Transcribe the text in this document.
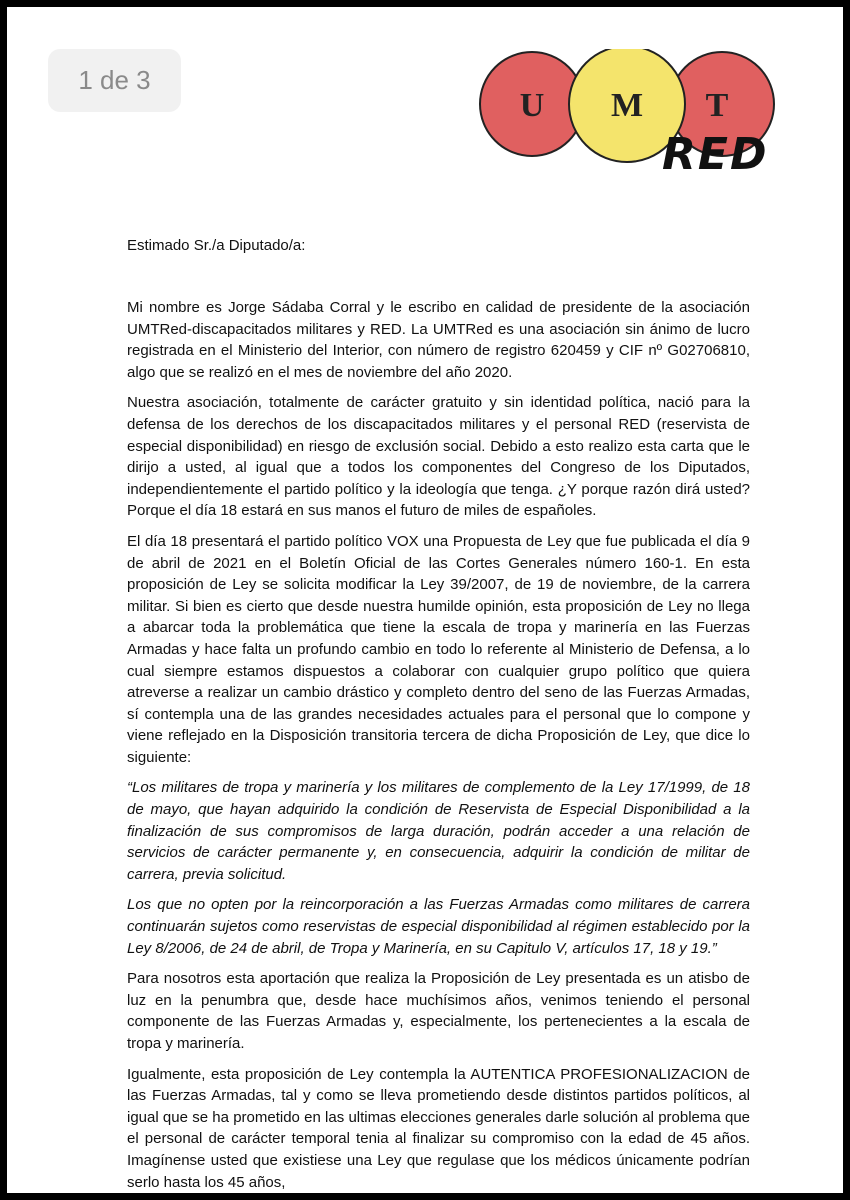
1 de 3
U M T
RED
Estimado Sr./a Diputado/a:

Mi nombre es Jorge Sádaba Corral y le escribo en calidad de presidente de la asociación UMTRed-discapacitados militares y RED. La UMTRed es una asociación sin ánimo de lucro registrada en el Ministerio del Interior, con número de registro 620459 y CIF nº G02706810, algo que se realizó en el mes de noviembre del año 2020.

Nuestra asociación, totalmente de carácter gratuito y sin identidad política, nació para la defensa de los derechos de los discapacitados militares y el personal RED (reservista de especial disponibilidad) en riesgo de exclusión social. Debido a esto realizo esta carta que le dirijo a usted, al igual que a todos los componentes del Congreso de los Diputados, independientemente el partido político y la ideología que tenga. ¿Y porque razón dirá usted? Porque el día 18 estará en sus manos el futuro de miles de españoles.

El día 18 presentará el partido político VOX una Propuesta de Ley que fue publicada el día 9 de abril de 2021 en el Boletín Oficial de las Cortes Generales número 160-1. En esta proposición de Ley se solicita modificar la Ley 39/2007, de 19 de noviembre, de la carrera militar. Si bien es cierto que desde nuestra humilde opinión, esta proposición de Ley no llega a abarcar toda la problemática que tiene la escala de tropa y marinería en las Fuerzas Armadas y hace falta un profundo cambio en todo lo referente al Ministerio de Defensa, a lo cual siempre estamos dispuestos a colaborar con cualquier grupo político que quiera atreverse a realizar un cambio drástico y completo dentro del seno de las Fuerzas Armadas, sí contempla una de las grandes necesidades actuales para el personal que lo compone y viene reflejado en la Disposición transitoria tercera de dicha Proposición de Ley, que dice lo siguiente:

“Los militares de tropa y marinería y los militares de complemento de la Ley 17/1999, de 18 de mayo, que hayan adquirido la condición de Reservista de Especial Disponibilidad a la finalización de sus compromisos de larga duración, podrán acceder a una relación de servicios de carácter permanente y, en consecuencia, adquirir la condición de militar de carrera, previa solicitud.

Los que no opten por la reincorporación a las Fuerzas Armadas como militares de carrera continuarán sujetos como reservistas de especial disponibilidad al régimen establecido por la Ley 8/2006, de 24 de abril, de Tropa y Marinería, en su Capitulo V, artículos 17, 18 y 19.”

Para nosotros esta aportación que realiza la Proposición de Ley presentada es un atisbo de luz en la penumbra que, desde hace muchísimos años, venimos teniendo el personal componente de las Fuerzas Armadas y, especialmente, los pertenecientes a la escala de tropa y marinería.

Igualmente, esta proposición de Ley contempla la AUTENTICA PROFESIONALIZACION de las Fuerzas Armadas, tal y como se lleva prometiendo desde distintos partidos políticos, al igual que se ha prometido en las ultimas elecciones generales darle solución al problema que el personal de carácter temporal tenia al finalizar su compromiso con la edad de 45 años. Imagínense usted que existiese una Ley que regulase que los médicos únicamente podrían serlo hasta los 45 años,
